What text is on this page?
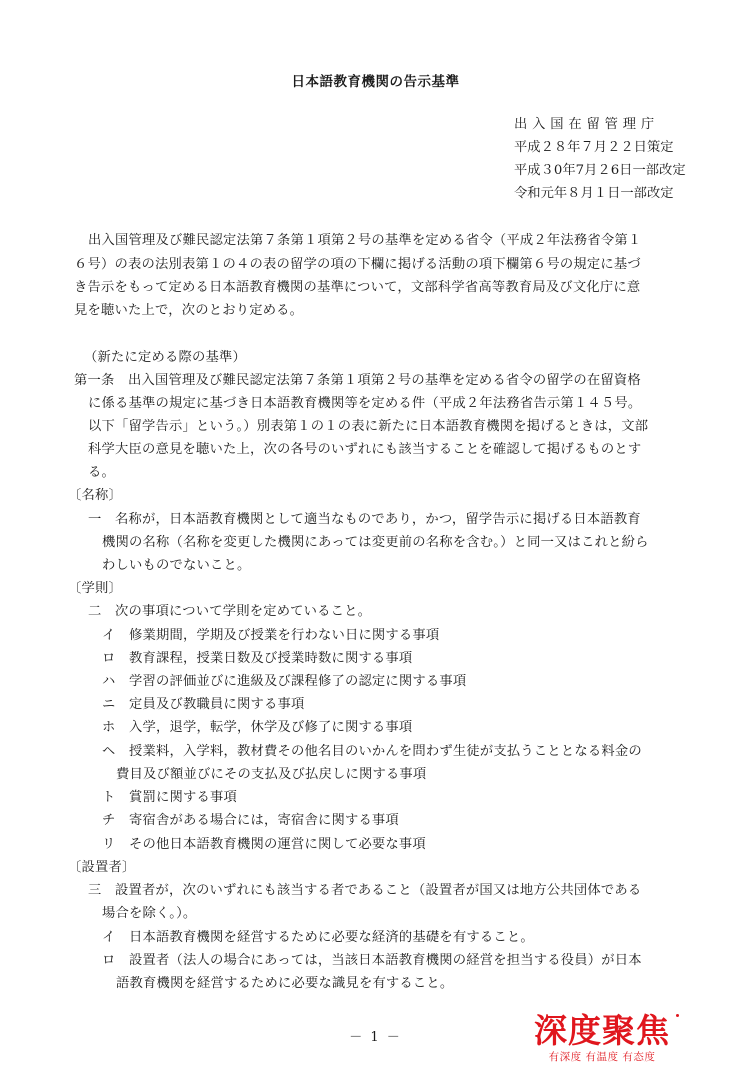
日本語教育機関の告示基準
出 入 国 在 留 管 理 庁
平成２８年７月２２日策定
平成３0年7月２6日一部改定
令和元年８月１日一部改定
出入国管理及び難民認定法第７条第１項第２号の基準を定める省令（平成２年法務省令第１
６号）の表の法別表第１の４の表の留学の項の下欄に掲げる活動の項下欄第６号の規定に基づ
き告示をもって定める日本語教育機関の基準について，文部科学省高等教育局及び文化庁に意
見を聴いた上で，次のとおり定める。
（新たに定める際の基準）
第一条　出入国管理及び難民認定法第７条第１項第２号の基準を定める省令の留学の在留資格
に係る基準の規定に基づき日本語教育機関等を定める件（平成２年法務省告示第１４５号。
以下「留学告示」という。）別表第１の１の表に新たに日本語教育機関を掲げるときは，文部
科学大臣の意見を聴いた上，次の各号のいずれにも該当することを確認して掲げるものとす
る。
〔名称〕
一　名称が，日本語教育機関として適当なものであり，かつ，留学告示に掲げる日本語教育
機関の名称（名称を変更した機関にあっては変更前の名称を含む。）と同一又はこれと紛ら
わしいものでないこと。
〔学則〕
二　次の事項について学則を定めていること。
イ　修業期間，学期及び授業を行わない日に関する事項
ロ　教育課程，授業日数及び授業時数に関する事項
ハ　学習の評価並びに進級及び課程修了の認定に関する事項
ニ　定員及び教職員に関する事項
ホ　入学，退学，転学，休学及び修了に関する事項
ヘ　授業料，入学料，教材費その他名目のいかんを問わず生徒が支払うこととなる料金の
費目及び額並びにその支払及び払戻しに関する事項
ト　賞罰に関する事項
チ　寄宿舎がある場合には，寄宿舎に関する事項
リ　その他日本語教育機関の運営に関して必要な事項
〔設置者〕
三　設置者が，次のいずれにも該当する者であること（設置者が国又は地方公共団体である
場合を除く。）。
イ　日本語教育機関を経営するために必要な経済的基礎を有すること。
ロ　設置者（法人の場合にあっては，当該日本語教育機関の経営を担当する役員）が日本
語教育機関を経営するために必要な識見を有すること。
－ 1 －	深度聚焦
有深度 有温度 有态度
